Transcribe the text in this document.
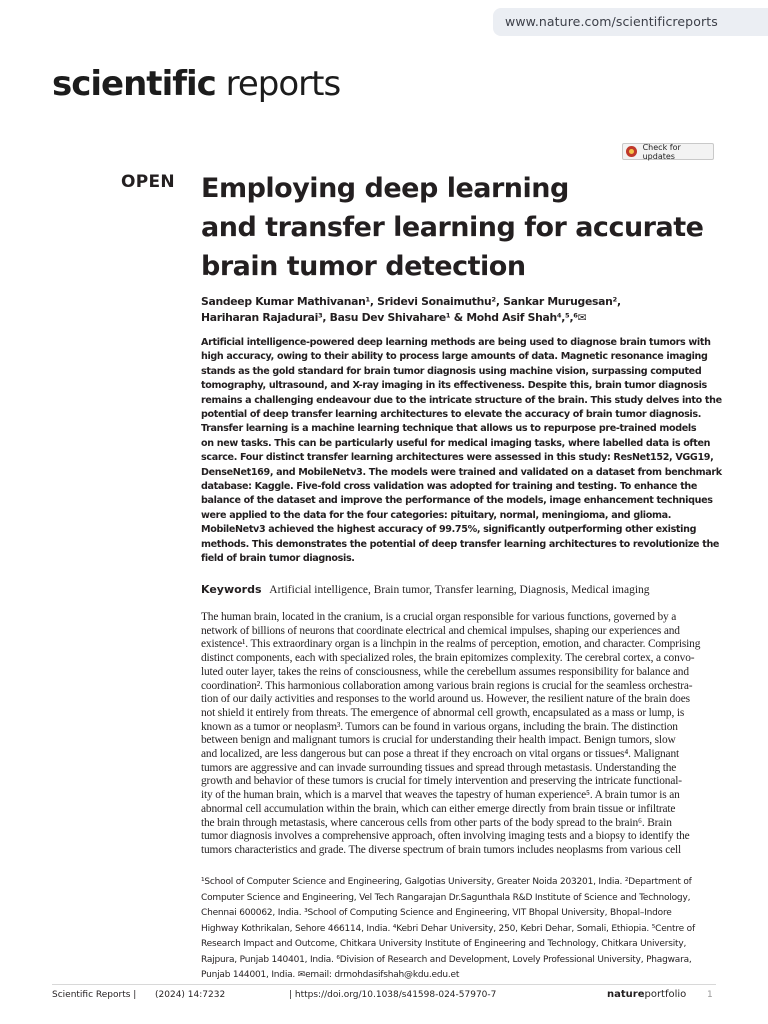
www.nature.com/scientificreports
scientific reports
Check for updates
OPEN Employing deep learning
and transfer learning for accurate
brain tumor detection
Sandeep Kumar Mathivanan¹, Sridevi Sonaimuthu², Sankar Murugesan²,
Hariharan Rajadurai³, Basu Dev Shivahare¹ & Mohd Asif Shah⁴,⁵,⁶✉
Artificial intelligence-powered deep learning methods are being used to diagnose brain tumors with
high accuracy, owing to their ability to process large amounts of data. Magnetic resonance imaging
stands as the gold standard for brain tumor diagnosis using machine vision, surpassing computed
tomography, ultrasound, and X-ray imaging in its effectiveness. Despite this, brain tumor diagnosis
remains a challenging endeavour due to the intricate structure of the brain. This study delves into the
potential of deep transfer learning architectures to elevate the accuracy of brain tumor diagnosis.
Transfer learning is a machine learning technique that allows us to repurpose pre-trained models
on new tasks. This can be particularly useful for medical imaging tasks, where labelled data is often
scarce. Four distinct transfer learning architectures were assessed in this study: ResNet152, VGG19,
DenseNet169, and MobileNetv3. The models were trained and validated on a dataset from benchmark
database: Kaggle. Five-fold cross validation was adopted for training and testing. To enhance the
balance of the dataset and improve the performance of the models, image enhancement techniques
were applied to the data for the four categories: pituitary, normal, meningioma, and glioma.
MobileNetv3 achieved the highest accuracy of 99.75%, significantly outperforming other existing
methods. This demonstrates the potential of deep transfer learning architectures to revolutionize the
field of brain tumor diagnosis.
Keywords Artificial intelligence, Brain tumor, Transfer learning, Diagnosis, Medical imaging
The human brain, located in the cranium, is a crucial organ responsible for various functions, governed by a
network of billions of neurons that coordinate electrical and chemical impulses, shaping our experiences and
existence¹. This extraordinary organ is a linchpin in the realms of perception, emotion, and character. Comprising
distinct components, each with specialized roles, the brain epitomizes complexity. The cerebral cortex, a convo-
luted outer layer, takes the reins of consciousness, while the cerebellum assumes responsibility for balance and
coordination². This harmonious collaboration among various brain regions is crucial for the seamless orchestra-
tion of our daily activities and responses to the world around us. However, the resilient nature of the brain does
not shield it entirely from threats. The emergence of abnormal cell growth, encapsulated as a mass or lump, is
known as a tumor or neoplasm³. Tumors can be found in various organs, including the brain. The distinction
between benign and malignant tumors is crucial for understanding their health impact. Benign tumors, slow
and localized, are less dangerous but can pose a threat if they encroach on vital organs or tissues⁴. Malignant
tumors are aggressive and can invade surrounding tissues and spread through metastasis. Understanding the
growth and behavior of these tumors is crucial for timely intervention and preserving the intricate functional-
ity of the human brain, which is a marvel that weaves the tapestry of human experience⁵. A brain tumor is an
abnormal cell accumulation within the brain, which can either emerge directly from brain tissue or infiltrate
the brain through metastasis, where cancerous cells from other parts of the body spread to the brain⁶. Brain
tumor diagnosis involves a comprehensive approach, often involving imaging tests and a biopsy to identify the
tumors characteristics and grade. The diverse spectrum of brain tumors includes neoplasms from various cell
¹School of Computer Science and Engineering, Galgotias University, Greater Noida 203201, India. ²Department of
Computer Science and Engineering, Vel Tech Rangarajan Dr.Sagunthala R&D Institute of Science and Technology,
Chennai 600062, India. ³School of Computing Science and Engineering, VIT Bhopal University, Bhopal–Indore
Highway Kothrikalan, Sehore 466114, India. ⁴Kebri Dehar University, 250, Kebri Dehar, Somali, Ethiopia. ⁵Centre of
Research Impact and Outcome, Chitkara University Institute of Engineering and Technology, Chitkara University,
Rajpura, Punjab 140401, India. ⁶Division of Research and Development, Lovely Professional University, Phagwara,
Punjab 144001, India. ✉email: drmohdasifshah@kdu.edu.et
Scientific Reports | (2024) 14:7232	| https://doi.org/10.1038/s41598-024-57970-7	natureportfolio 1
